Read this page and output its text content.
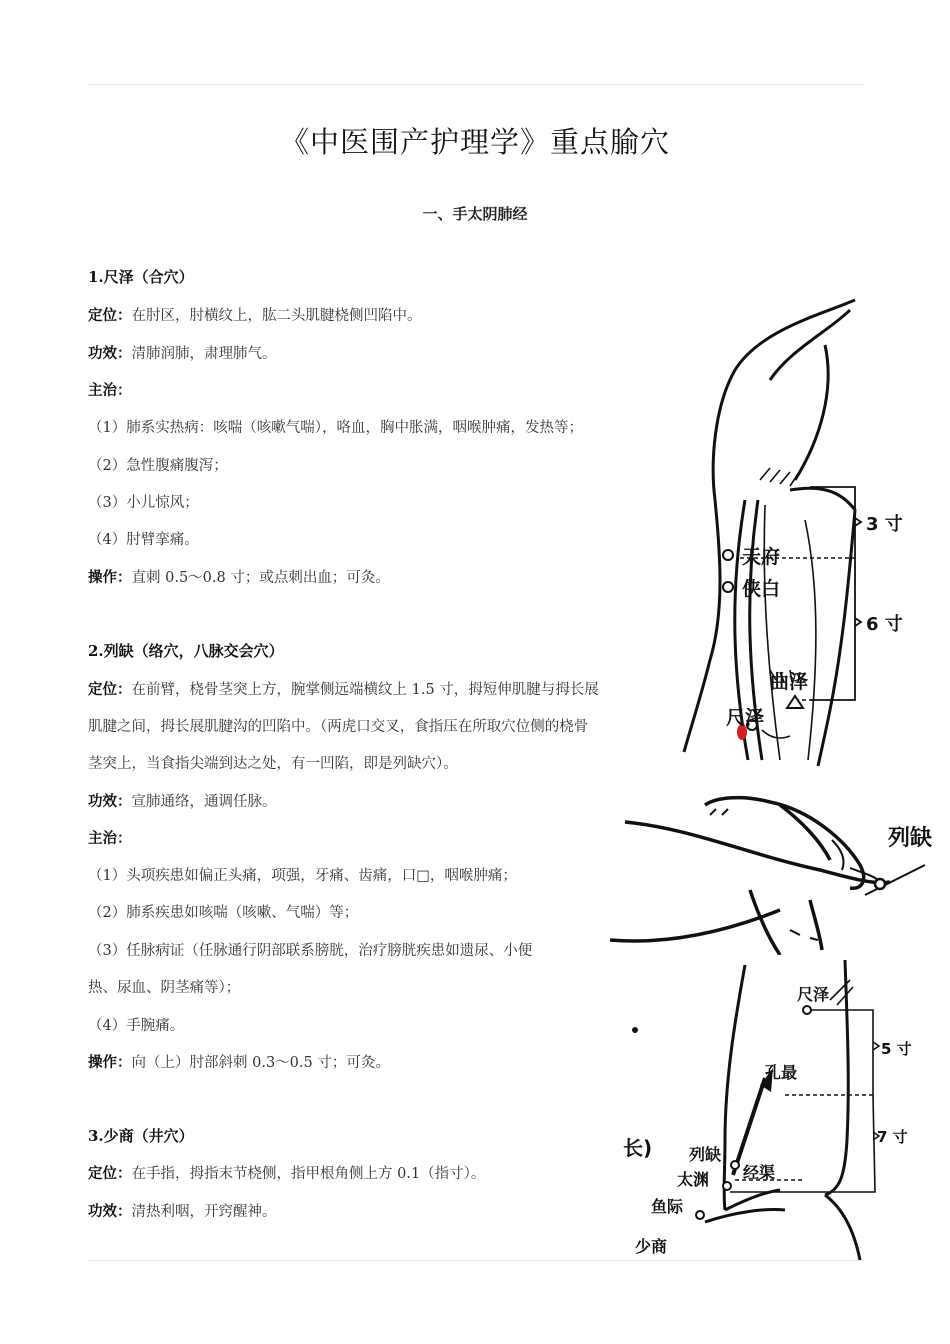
《中医围产护理学》重点腧穴
一、手太阴肺经
1.尺泽（合穴）
定位：在肘区，肘横纹上，肱二头肌腱桡侧凹陷中。
功效：清肺润肺，肃理肺气。
主治：
（1）肺系实热病：咳喘（咳嗽气喘），咯血，胸中胀满，咽喉肿痛，发热等；
（2）急性腹痛腹泻；
（3）小儿惊风；
（4）肘臂挛痛。
操作：直刺 0.5～0.8 寸；或点刺出血；可灸。
2.列缺（络穴，八脉交会穴）
定位：在前臂，桡骨茎突上方，腕掌侧远端横纹上 1.5 寸，拇短伸肌腱与拇长展
肌腱之间，拇长展肌腱沟的凹陷中。（两虎口交叉，食指压在所取穴位侧的桡骨
茎突上，当食指尖端到达之处，有一凹陷，即是列缺穴）。
功效：宣肺通络，通调任脉。
主治：
（1）头项疾患如偏正头痛，项强，牙痛、齿痛，口□，咽喉肿痛；
（2）肺系疾患如咳喘（咳嗽、气喘）等；
（3）任脉病证（任脉通行阴部联系膀胱，治疗膀胱疾患如遗尿、小便
热、尿血、阴茎痛等）；
（4）手腕痛。
操作：向（上）肘部斜刺 0.3～0.5 寸；可灸。
3.少商（井穴）
定位：在手指，拇指末节桡侧，指甲根角侧上方 0.1（指寸）。
功效：清热利咽，开窍醒神。
天府
侠白
曲泽
尺泽
3 寸
6 寸
列缺
尺泽
孔最
列缺
太渊 经渠
鱼际
少商
5 寸
7 寸
长)
